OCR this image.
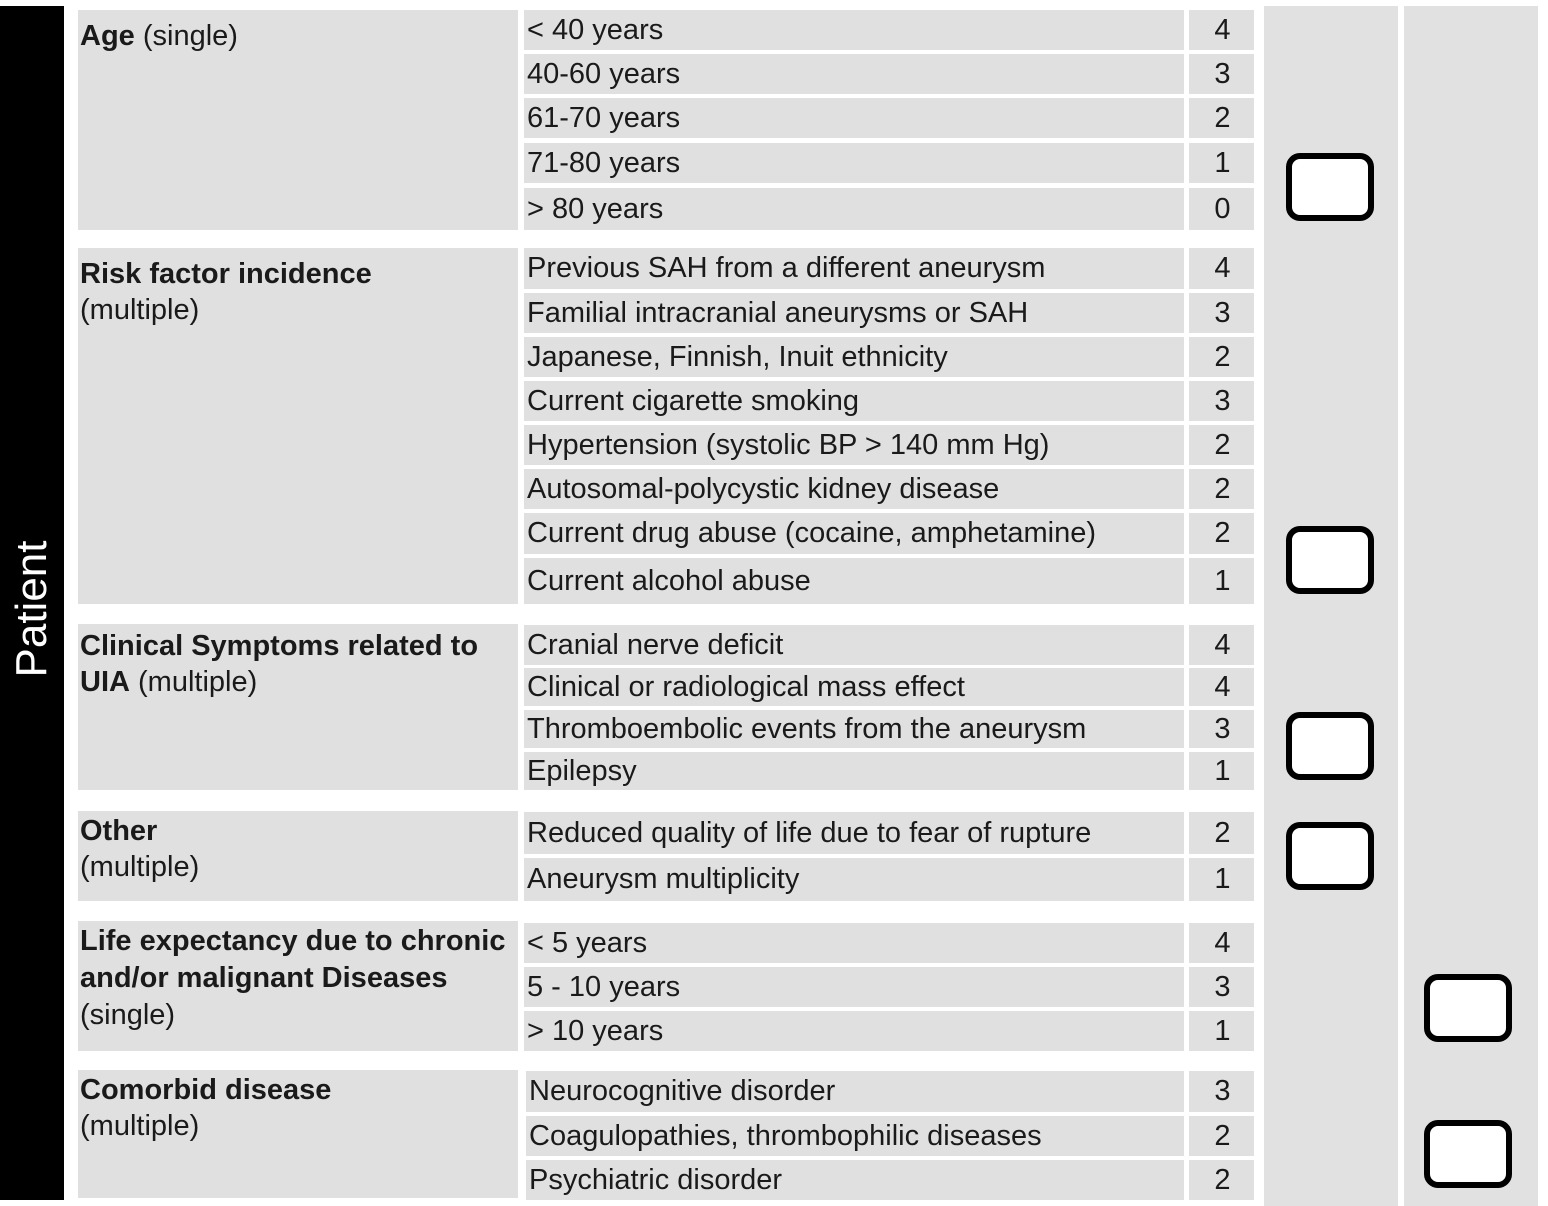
Patient
Age (single)	< 40 years	4
40-60 years	3
61-70 years	2
71-80 years	1
> 80 years	0
Risk factor incidence
(multiple)
Previous SAH from a different aneurysm	4
Familial intracranial aneurysms or SAH	3
Japanese, Finnish, Inuit ethnicity	2
Current cigarette smoking	3
Hypertension (systolic BP > 140 mm Hg)	2
Autosomal-polycystic kidney disease	2
Current drug abuse (cocaine, amphetamine)	2
Current alcohol abuse	1
Clinical Symptoms related to UIA (multiple)
Cranial nerve deficit	4
Clinical or radiological mass effect	4
Thromboembolic events from the aneurysm	3
Epilepsy	1
Other
(multiple)
Reduced quality of life due to fear of rupture	2
Aneurysm multiplicity	1
Life expectancy due to chronic and/or malignant Diseases (single)
< 5 years	4
5 - 10 years	3
> 10 years	1
Comorbid disease
(multiple)
Neurocognitive disorder	3
Coagulopathies, thrombophilic diseases	2
Psychiatric disorder	2
